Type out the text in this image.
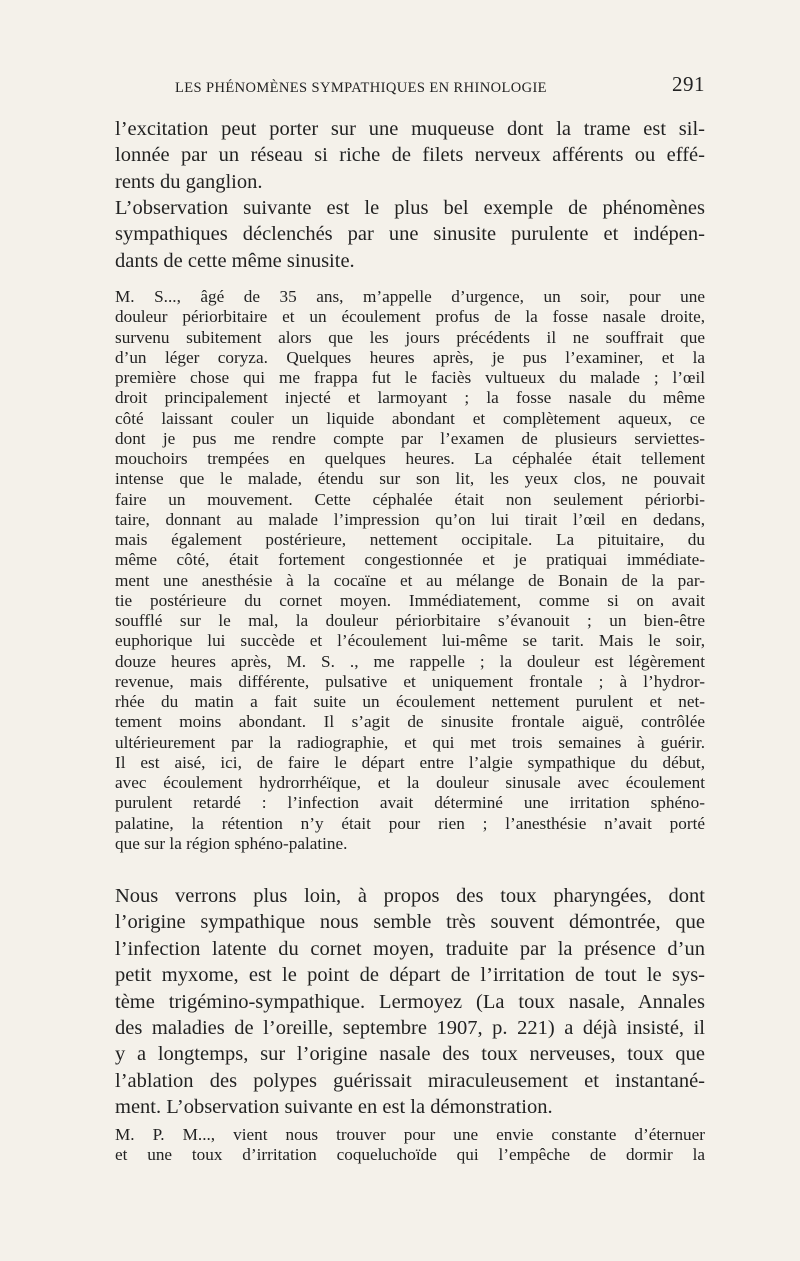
LES PHÉNOMÈNES SYMPATHIQUES EN RHINOLOGIE	291
l’excitation peut porter sur une muqueuse dont la trame est sil-
lonnée par un réseau si riche de filets nerveux afférents ou effé-
rents du ganglion.
L’observation suivante est le plus bel exemple de phénomènes
sympathiques déclenchés par une sinusite purulente et indépen-
dants de cette même sinusite.
M. S..., âgé de 35 ans, m’appelle d’urgence, un soir, pour une
douleur périorbitaire et un écoulement profus de la fosse nasale droite,
survenu subitement alors que les jours précédents il ne souffrait que
d’un léger coryza. Quelques heures après, je pus l’examiner, et la
première chose qui me frappa fut le faciès vultueux du malade ; l’œil
droit principalement injecté et larmoyant ; la fosse nasale du même
côté laissant couler un liquide abondant et complètement aqueux, ce
dont je pus me rendre compte par l’examen de plusieurs serviettes-
mouchoirs trempées en quelques heures. La céphalée était tellement
intense que le malade, étendu sur son lit, les yeux clos, ne pouvait
faire un mouvement. Cette céphalée était non seulement périorbi-
taire, donnant au malade l’impression qu’on lui tirait l’œil en dedans,
mais également postérieure, nettement occipitale. La pituitaire, du
même côté, était fortement congestionnée et je pratiquai immédiate-
ment une anesthésie à la cocaïne et au mélange de Bonain de la par-
tie postérieure du cornet moyen. Immédiatement, comme si on avait
soufflé sur le mal, la douleur périorbitaire s’évanouit ; un bien-être
euphorique lui succède et l’écoulement lui-même se tarit. Mais le soir,
douze heures après, M. S. ., me rappelle ; la douleur est légèrement
revenue, mais différente, pulsative et uniquement frontale ; à l’hydror-
rhée du matin a fait suite un écoulement nettement purulent et net-
tement moins abondant. Il s’agit de sinusite frontale aiguë, contrôlée
ultérieurement par la radiographie, et qui met trois semaines à guérir.
Il est aisé, ici, de faire le départ entre l’algie sympathique du début,
avec écoulement hydrorrhéïque, et la douleur sinusale avec écoulement
purulent retardé : l’infection avait déterminé une irritation sphéno-
palatine, la rétention n’y était pour rien ; l’anesthésie n’avait porté
que sur la région sphéno-palatine.
Nous verrons plus loin, à propos des toux pharyngées, dont
l’origine sympathique nous semble très souvent démontrée, que
l’infection latente du cornet moyen, traduite par la présence d’un
petit myxome, est le point de départ de l’irritation de tout le sys-
tème trigémino-sympathique. Lermoyez (La toux nasale, Annales
des maladies de l’oreille, septembre 1907, p. 221) a déjà insisté, il
y a longtemps, sur l’origine nasale des toux nerveuses, toux que
l’ablation des polypes guérissait miraculeusement et instantané-
ment. L’observation suivante en est la démonstration.
M. P. M..., vient nous trouver pour une envie constante d’éternuer
et une toux d’irritation coqueluchoïde qui l’empêche de dormir la
